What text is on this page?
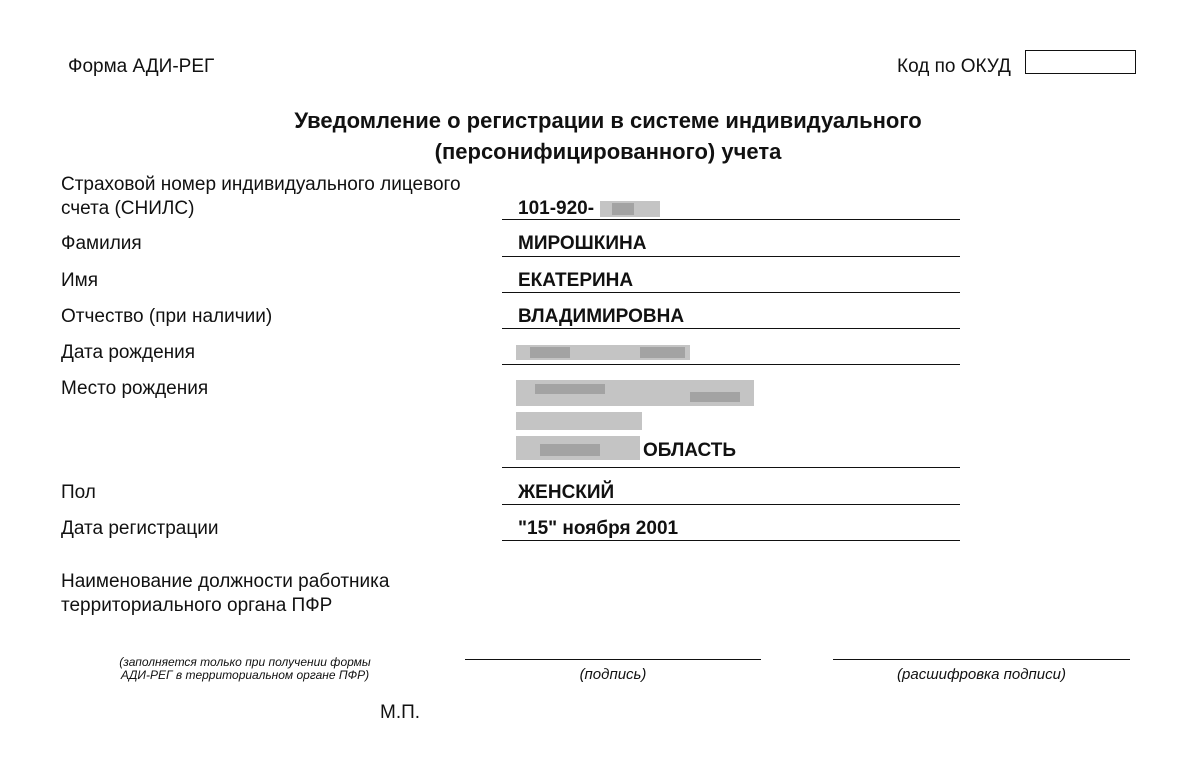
Форма АДИ-РЕГ	Код по ОКУД
Уведомление о регистрации в системе индивидуального
(персонифицированного) учета
Страховой номер индивидуального лицевого
счета (СНИЛС)	101-920-
Фамилия	МИРОШКИНА
Имя	ЕКАТЕРИНА
Отчество (при наличии)	ВЛАДИМИРОВНА
Дата рождения
Место рождения
ОБЛАСТЬ
Пол	ЖЕНСКИЙ
Дата регистрации	"15" ноября 2001
Наименование должности работника
территориального органа ПФР
(заполняется только при получении формы
АДИ-РЕГ в территориальном органе ПФР)	(подпись)	(расшифровка подписи)
М.П.
